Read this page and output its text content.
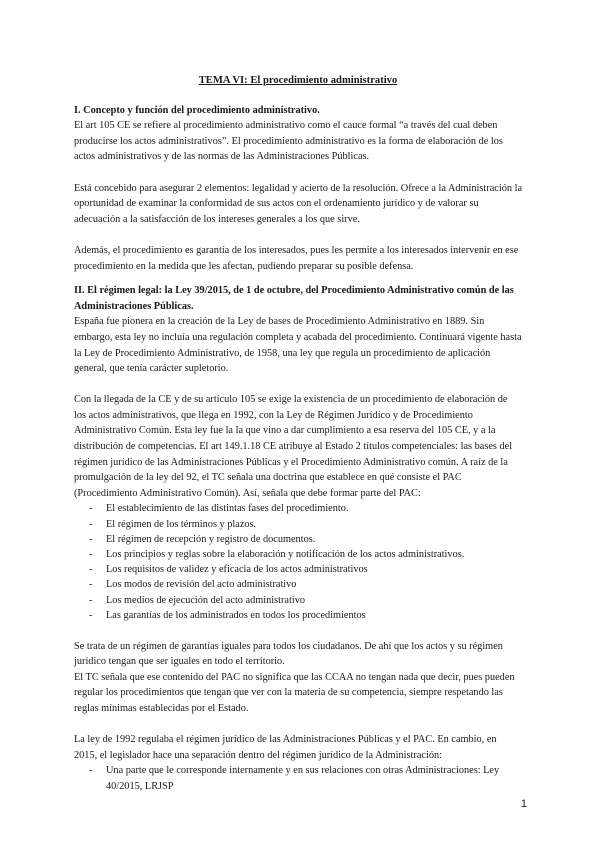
TEMA VI: El procedimiento administrativo

I. Concepto y función del procedimiento administrativo.

El art 105 CE se refiere al procedimiento administrativo como el cauce formal “a través del cual deben producirse los actos administrativos”. El procedimiento administrativo es la forma de elaboración de los actos administrativos y de las normas de las Administraciones Públicas.

Está concebido para asegurar 2 elementos: legalidad y acierto de la resolución. Ofrece a la Administración la oportunidad de examinar la conformidad de sus actos con el ordenamiento jurídico y de valorar su adecuación a la satisfacción de los intereses generales a los que sirve.

Además, el procedimiento es garantía de los interesados, pues les permite a los interesados intervenir en ese procedimiento en la medida que les afectan, pudiendo preparar su posible defensa.

II. El régimen legal: la Ley 39/2015, de 1 de octubre, del Procedimiento Administrativo común de las Administraciones Públicas.

España fue pionera en la creación de la Ley de bases de Procedimiento Administrativo en 1889. Sin embargo, esta ley no incluía una regulación completa y acabada del procedimiento. Continuará vigente hasta la Ley de Procedimiento Administrativo, de 1958, una ley que regula un procedimiento de aplicación general, que tenía carácter supletorio.

Con la llegada de la CE y de su artículo 105 se exige la existencia de un procedimiento de elaboración de los actos administrativos, que llega en 1992, con la Ley de Régimen Jurídico y de Procedimiento Administrativo Común. Esta ley fue la la que vino a dar cumplimiento a esa reserva del 105 CE, y a la distribución de competencias. El art 149.1.18 CE atribuye al Estado 2 títulos competenciales: las bases del régimen jurídico de las Administraciones Públicas y el Procedimiento Administrativo común. A raíz de la promulgación de la ley del 92, el TC señala una doctrina que establece en qué consiste el PAC (Procedimiento Administrativo Común). Así, señala que debe formar parte del PAC:

- El establecimiento de las distintas fases del procedimiento.
- El régimen de los términos y plazos.
- El régimen de recepción y registro de documentos.
- Los principios y reglas sobre la elaboración y notificación de los actos administrativos.
- Los requisitos de validez y eficacia de los actos administrativos
- Los modos de revisión del acto administrativo
- Los medios de ejecución del acto administrativo
- Las garantías de los administrados en todos los procedimientos

Se trata de un régimen de garantías iguales para todos los ciudadanos. De ahí que los actos y su régimen jurídico tengan que ser iguales en todo el territorio.

El TC señala que ese contenido del PAC no significa que las CCAA no tengan nada que decir, pues pueden regular los procedimientos que tengan que ver con la materia de su competencia, siempre respetando las reglas mínimas establecidas por el Estado.

La ley de 1992 regulaba el régimen jurídico de las Administraciones Públicas y el PAC. En cambio, en 2015, el legislador hace una separación dentro del régimen jurídico de la Administración:

- Una parte que le corresponde internamente y en sus relaciones con otras Administraciones: Ley 40/2015, LRJSP
1
